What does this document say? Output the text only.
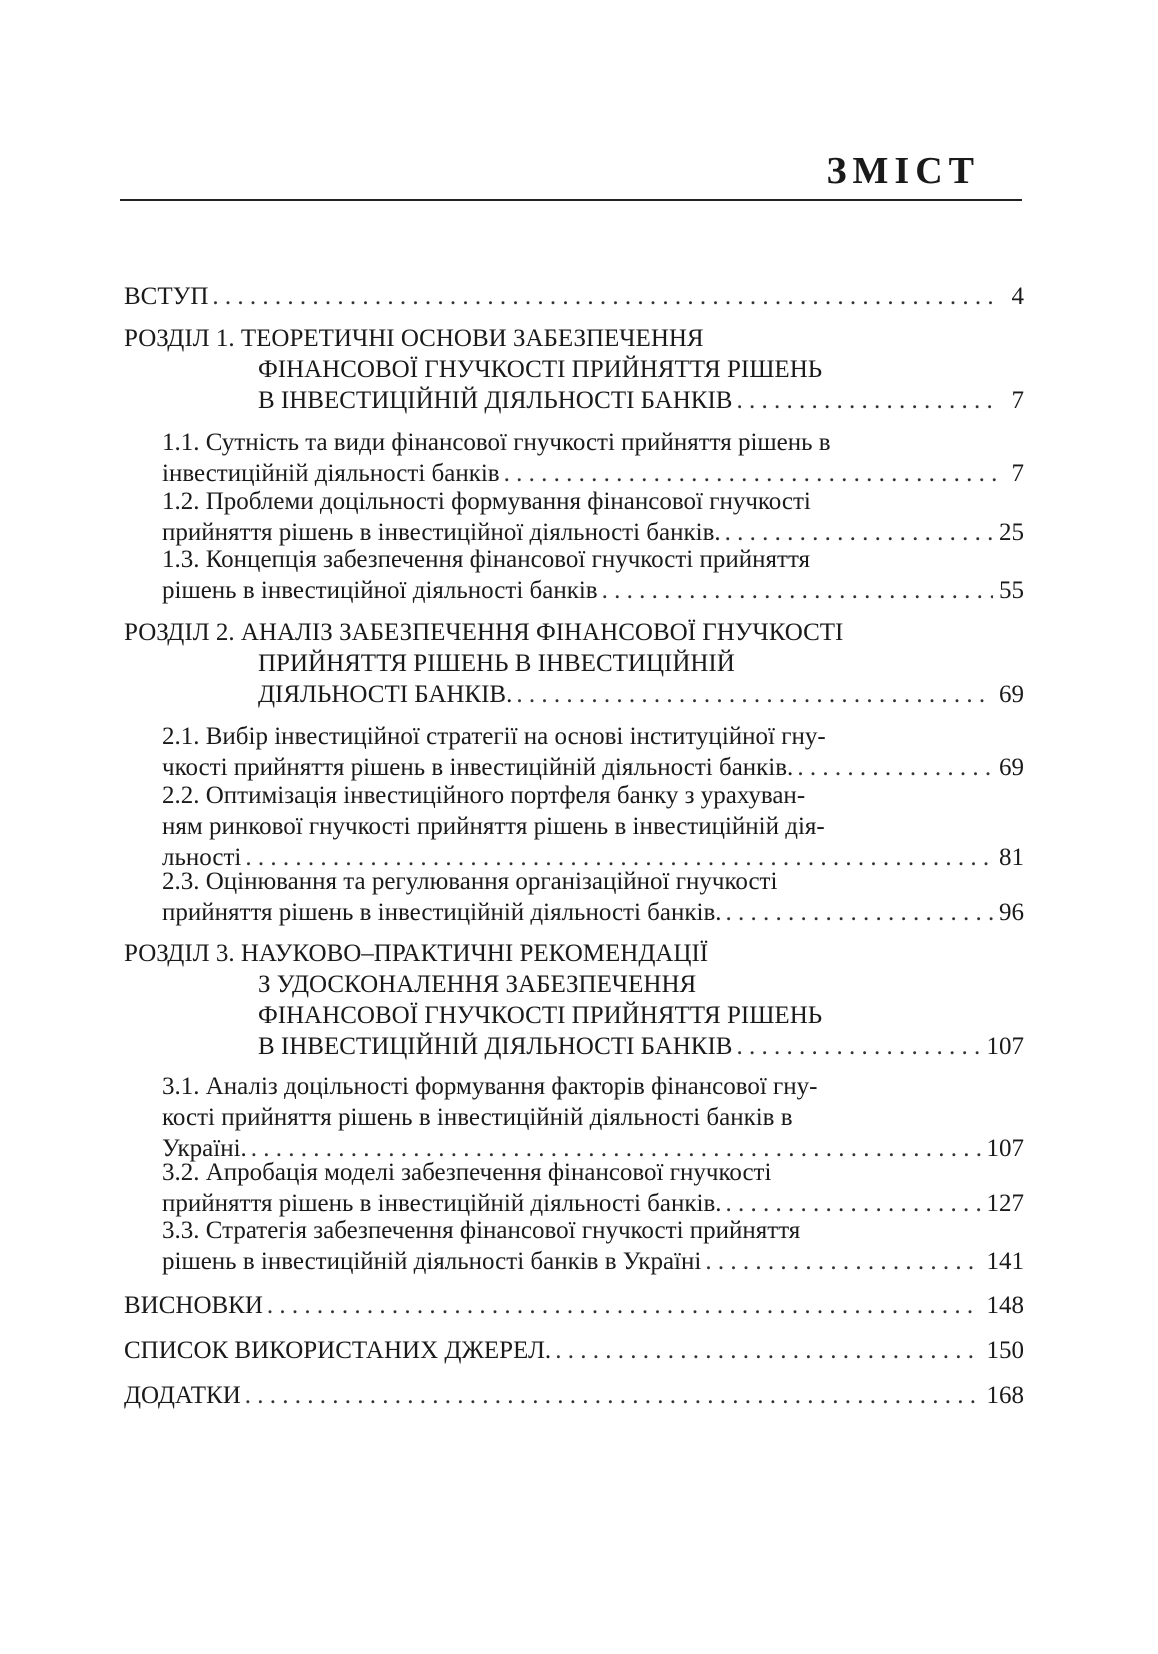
ЗМІСТ
ВСТУП . . .	4
РОЗДІЛ 1. ТЕОРЕТИЧНІ ОСНОВИ ЗАБЕЗПЕЧЕННЯ
ФІНАНСОВОЇ ГНУЧКОСТІ ПРИЙНЯТТЯ РІШЕНЬ
В ІНВЕСТИЦІЙНІЙ ДІЯЛЬНОСТІ БАНКІВ . . .	7
1.1. Сутність та види фінансової гнучкості прийняття рішень в
інвестиційній діяльності банків . . .	7
1.2. Проблеми доцільності формування фінансової гнучкості
прийняття рішень в інвестиційної діяльності банків. . . .	25
1.3. Концепція забезпечення фінансової гнучкості прийняття
рішень в інвестиційної діяльності банків . . .	55
РОЗДІЛ 2. АНАЛІЗ ЗАБЕЗПЕЧЕННЯ ФІНАНСОВОЇ ГНУЧКОСТІ
ПРИЙНЯТТЯ РІШЕНЬ В ІНВЕСТИЦІЙНІЙ
ДІЯЛЬНОСТІ БАНКІВ. . . .	69
2.1. Вибір інвестиційної стратегії на основі інституційної гну-
чкості прийняття рішень в інвестиційній діяльності банків. . . .	69
2.2. Оптимізація інвестиційного портфеля банку з урахуван-
ням ринкової гнучкості прийняття рішень в інвестиційній дія-
льності . . .	81
2.3. Оцінювання та регулювання організаційної гнучкості
прийняття рішень в інвестиційній діяльності банків. . . .	96
РОЗДІЛ 3. НАУКОВО–ПРАКТИЧНІ РЕКОМЕНДАЦІЇ
З УДОСКОНАЛЕННЯ ЗАБЕЗПЕЧЕННЯ
ФІНАНСОВОЇ ГНУЧКОСТІ ПРИЙНЯТТЯ РІШЕНЬ
В ІНВЕСТИЦІЙНІЙ ДІЯЛЬНОСТІ БАНКІВ . . .	107
3.1. Аналіз доцільності формування факторів фінансової гну-
кості прийняття рішень в інвестиційній діяльності банків в
Україні. . . .	107
3.2. Апробація моделі забезпечення фінансової гнучкості
прийняття рішень в інвестиційній діяльності банків. . . .	127
3.3. Стратегія забезпечення фінансової гнучкості прийняття
рішень в інвестиційній діяльності банків в Україні . . .	141
ВИСНОВКИ . . .	148
СПИСОК ВИКОРИСТАНИХ ДЖЕРЕЛ. . . .	150
ДОДАТКИ . . .	168
